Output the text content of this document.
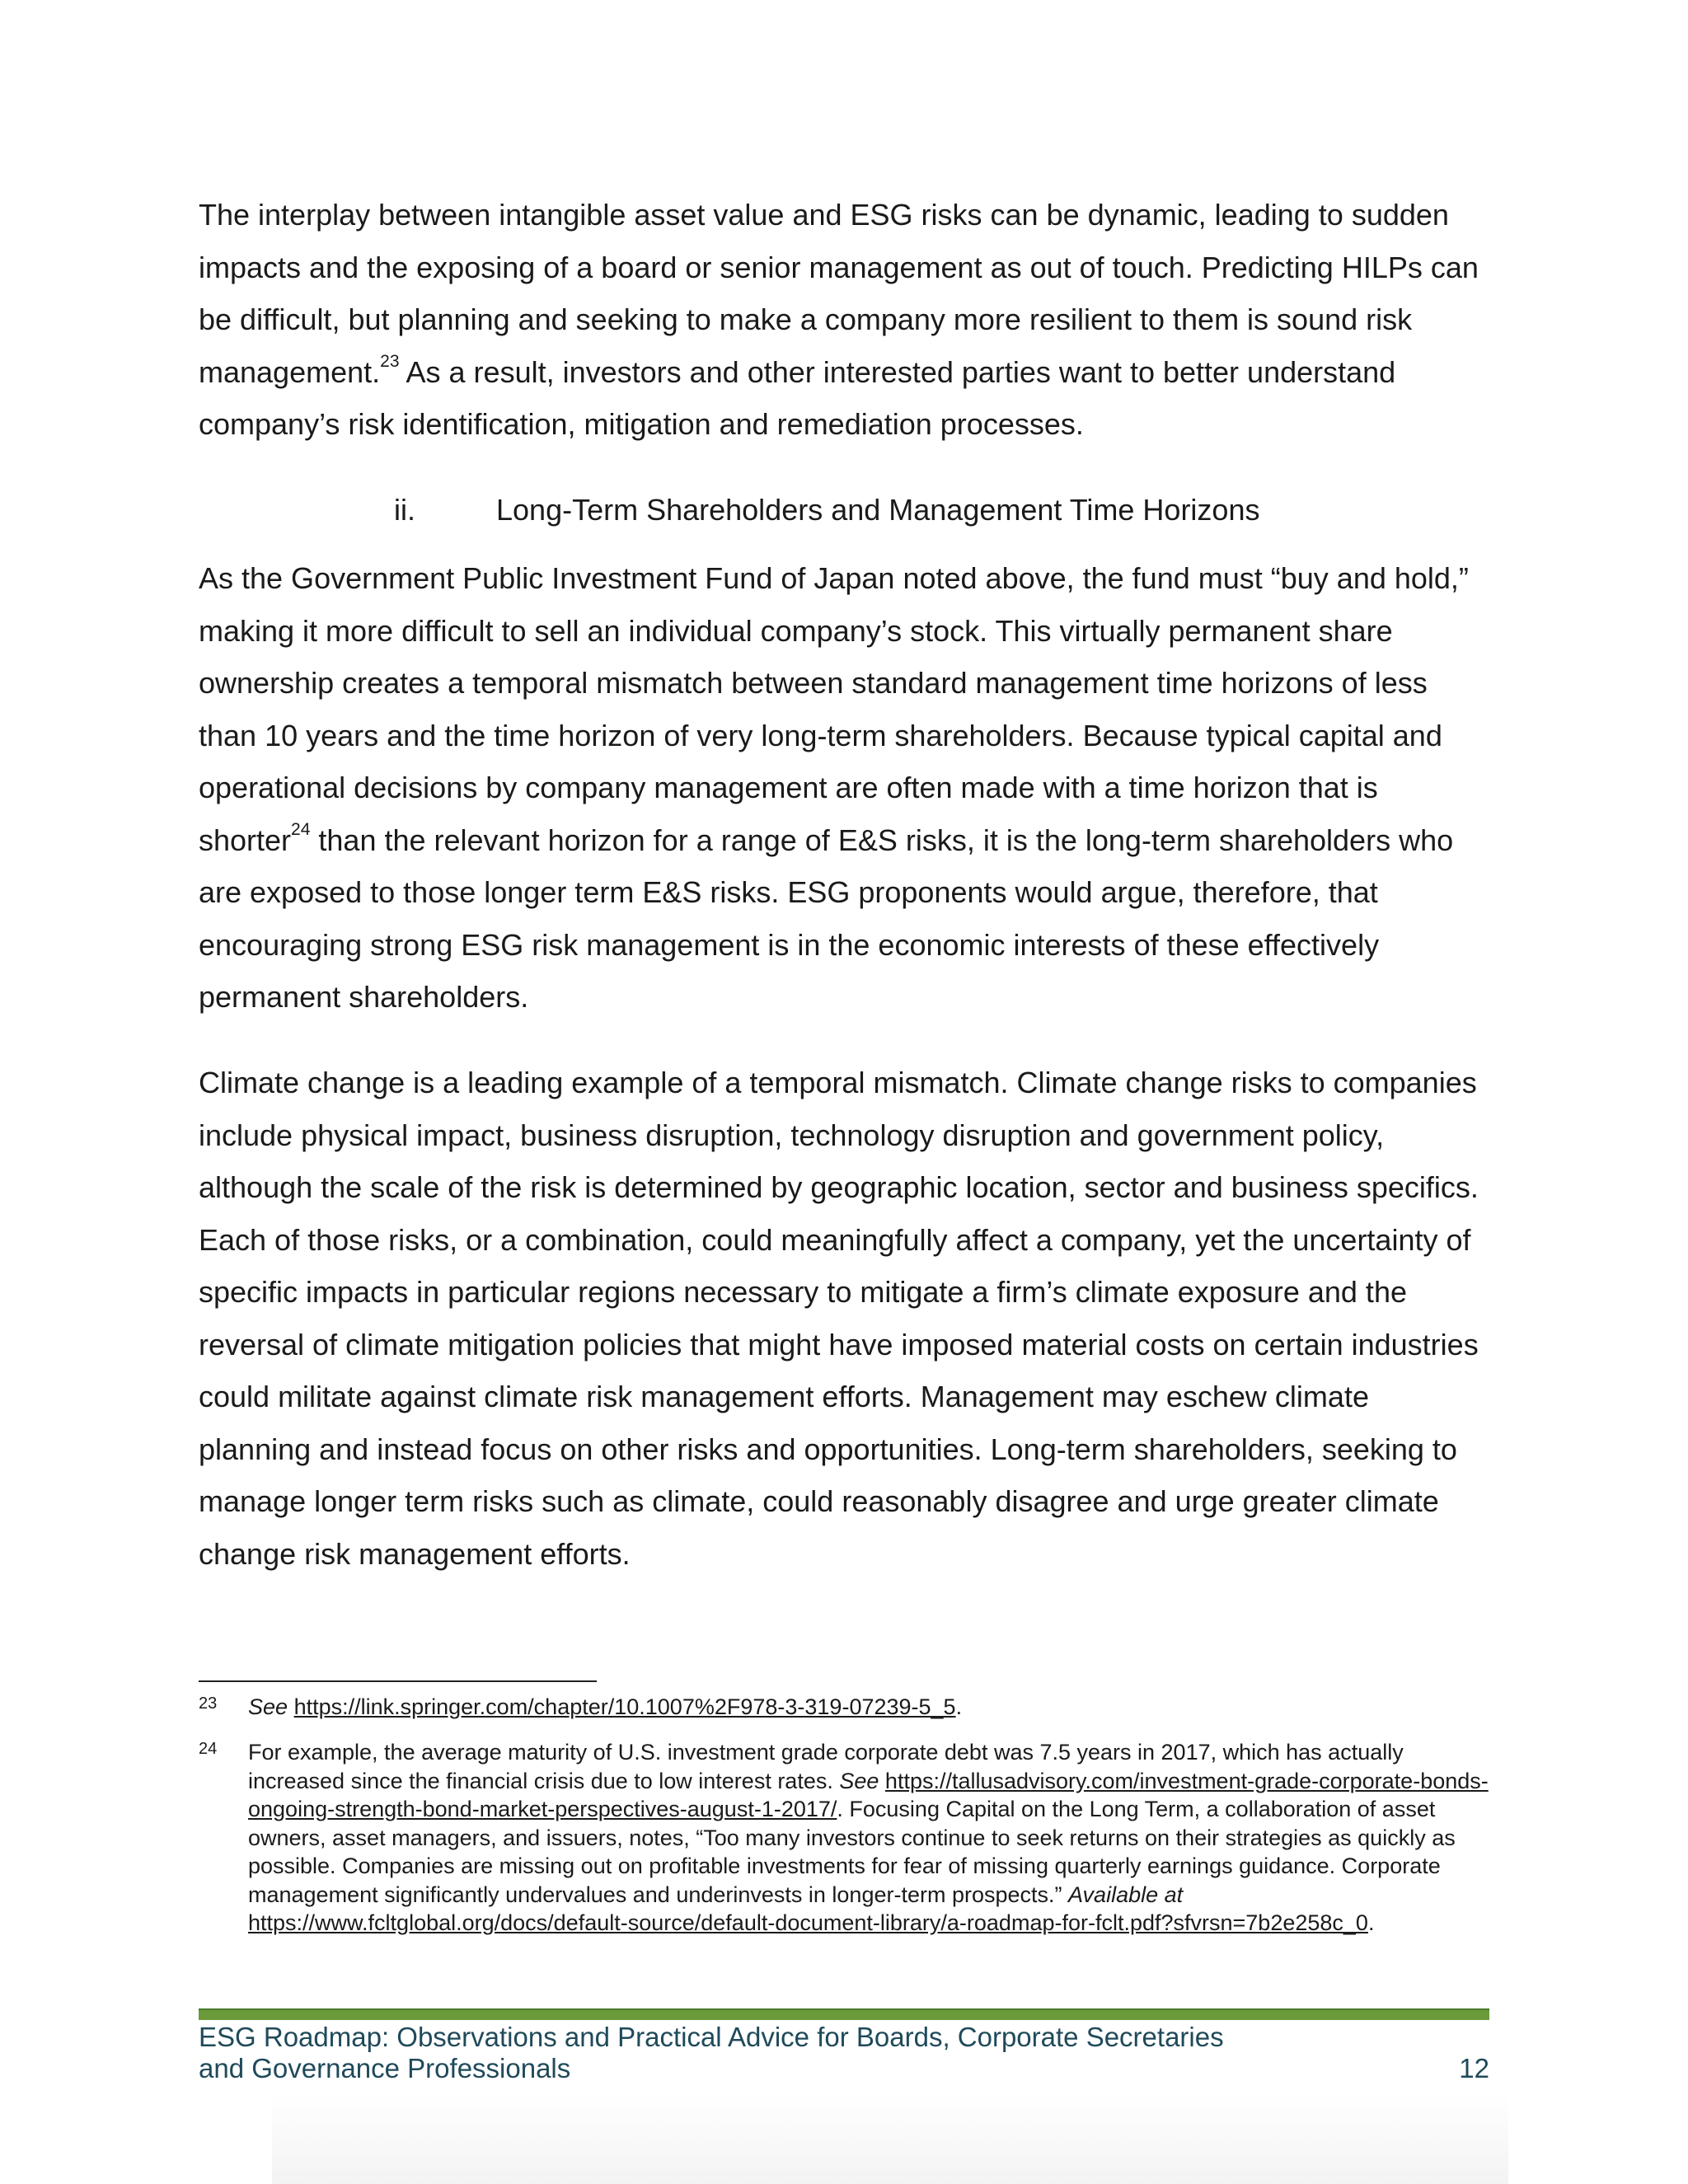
The interplay between intangible asset value and ESG risks can be dynamic, leading to sudden impacts and the exposing of a board or senior management as out of touch. Predicting HILPs can be difficult, but planning and seeking to make a company more resilient to them is sound risk management.$^{23}$ As a result, investors and other interested parties want to better understand company’s risk identification, mitigation and remediation processes.

ii.	Long-Term Shareholders and Management Time Horizons

As the Government Public Investment Fund of Japan noted above, the fund must “buy and hold,” making it more difficult to sell an individual company’s stock. This virtually permanent share ownership creates a temporal mismatch between standard management time horizons of less than 10 years and the time horizon of very long-term shareholders. Because typical capital and operational decisions by company management are often made with a time horizon that is shorter$^{24}$ than the relevant horizon for a range of E&S risks, it is the long-term shareholders who are exposed to those longer term E&S risks. ESG proponents would argue, therefore, that encouraging strong ESG risk management is in the economic interests of these effectively permanent shareholders.

Climate change is a leading example of a temporal mismatch. Climate change risks to companies include physical impact, business disruption, technology disruption and government policy, although the scale of the risk is determined by geographic location, sector and business specifics. Each of those risks, or a combination, could meaningfully affect a company, yet the uncertainty of specific impacts in particular regions necessary to mitigate a firm’s climate exposure and the reversal of climate mitigation policies that might have imposed material costs on certain industries could militate against climate risk management efforts. Management may eschew climate planning and instead focus on other risks and opportunities. Long-term shareholders, seeking to manage longer term risks such as climate, could reasonably disagree and urge greater climate change risk management efforts.

23 See https://link.springer.com/chapter/10.1007%2F978-3-319-07239-5_5.
24 For example, the average maturity of U.S. investment grade corporate debt was 7.5 years in 2017, which has actually increased since the financial crisis due to low interest rates. See https://tallusadvisory.com/investment-grade-corporate-bonds-ongoing-strength-bond-market-perspectives-august-1-2017/. Focusing Capital on the Long Term, a collaboration of asset owners, asset managers, and issuers, notes, “Too many investors continue to seek returns on their strategies as quickly as possible. Companies are missing out on profitable investments for fear of missing quarterly earnings guidance. Corporate management significantly undervalues and underinvests in longer-term prospects.” Available at https://www.fcltglobal.org/docs/default-source/default-document-library/a-roadmap-for-fclt.pdf?sfvrsn=7b2e258c_0.
ESG Roadmap: Observations and Practical Advice for Boards, Corporate Secretaries
and Governance Professionals	12
